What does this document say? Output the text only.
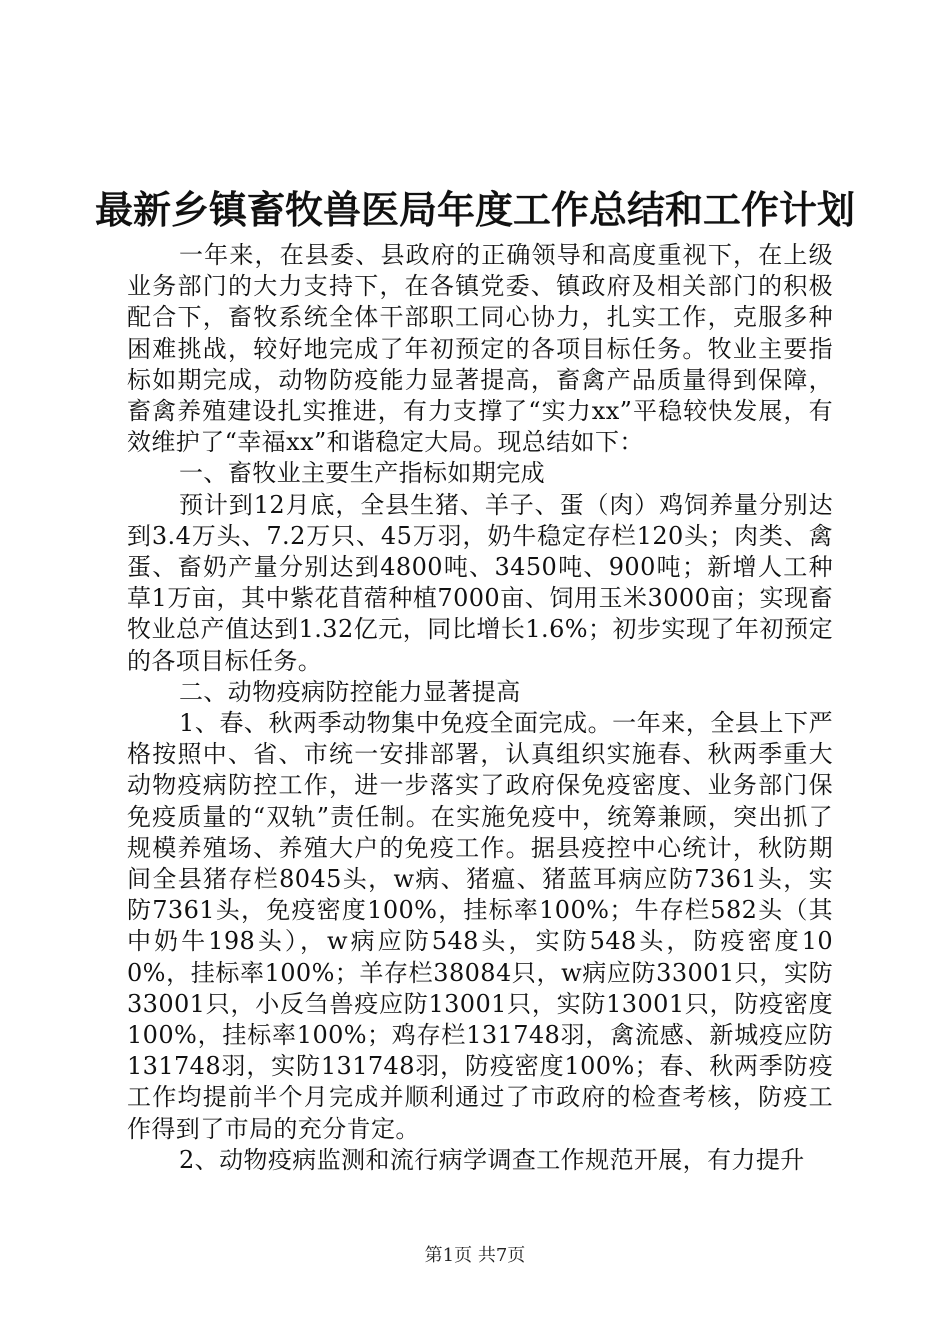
最新乡镇畜牧兽医局年度工作总结和工作计划

一年来，在县委、县政府的正确领导和高度重视下，在上级业务部门的大力支持下，在各镇党委、镇政府及相关部门的积极配合下，畜牧系统全体干部职工同心协力，扎实工作，克服多种困难挑战，较好地完成了年初预定的各项目标任务。牧业主要指标如期完成，动物防疫能力显著提高，畜禽产品质量得到保障，畜禽养殖建设扎实推进，有力支撑了“实力xx”平稳较快发展，有效维护了“幸福xx”和谐稳定大局。现总结如下：

一、畜牧业主要生产指标如期完成

预计到12月底，全县生猪、羊子、蛋（肉）鸡饲养量分别达到3.4万头、7.2万只、45万羽，奶牛稳定存栏120头；肉类、禽蛋、畜奶产量分别达到4800吨、3450吨、900吨；新增人工种草1万亩，其中紫花苜蓿种植7000亩、饲用玉米3000亩；实现畜牧业总产值达到1.32亿元，同比增长1.6%；初步实现了年初预定的各项目标任务。

二、动物疫病防控能力显著提高

1、春、秋两季动物集中免疫全面完成。一年来，全县上下严格按照中、省、市统一安排部署，认真组织实施春、秋两季重大动物疫病防控工作，进一步落实了政府保免疫密度、业务部门保免疫质量的“双轨”责任制。在实施免疫中，统筹兼顾，突出抓了规模养殖场、养殖大户的免疫工作。据县疫控中心统计，秋防期间全县猪存栏8045头，w病、猪瘟、猪蓝耳病应防7361头，实防7361头，免疫密度100%，挂标率100%；牛存栏582头（其中奶牛198头），w病应防548头，实防548头，防疫密度100%，挂标率100%；羊存栏38084只，w病应防33001只，实防33001只，小反刍兽疫应防13001只，实防13001只，防疫密度100%，挂标率100%；鸡存栏131748羽，禽流感、新城疫应防131748羽，实防131748羽，防疫密度100%；春、秋两季防疫工作均提前半个月完成并顺利通过了市政府的检查考核，防疫工作得到了市局的充分肯定。

2、动物疫病监测和流行病学调查工作规范开展，有力提升

第1页 共7页
